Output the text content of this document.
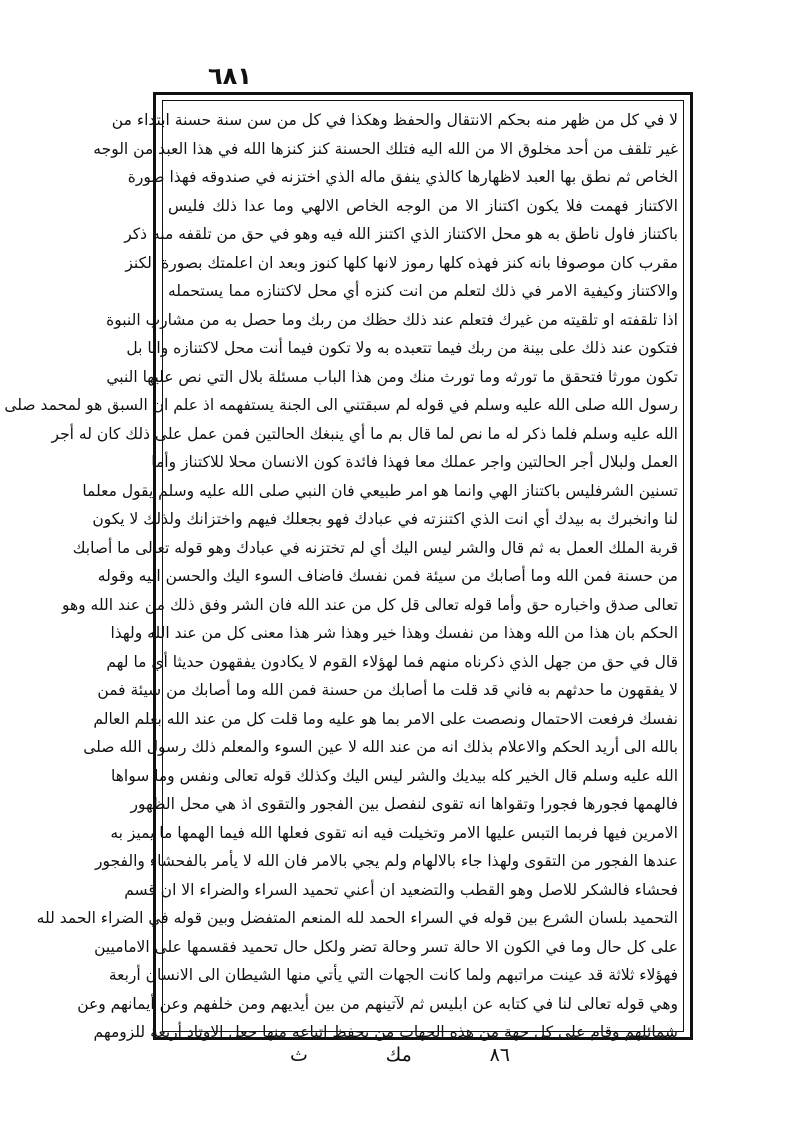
٦٨١
لا في كل من ظهر منه بحكم الانتقال والحفظ وهكذا في كل من سن سنة حسنة ابتداء من
غير تلقف من أحد مخلوق الا من الله اليه فتلك الحسنة كنز كنزها الله في هذا العبد من الوجه
الخاص ثم نطق بها العبد لاظهارها كالذي ينفق ماله الذي اختزنه في صندوقه فهذا صورة
الاكتناز فهمت فلا يكون اكتناز الا من الوجه الخاص الالهي وما عدا ذلك فليس
باكتناز فاول ناطق به هو محل الاكتناز الذي اكتنز الله فيه وهو في حق من تلقفه منه ذكر
مقرب كان موصوفا بانه كنز فهذه كلها رموز لانها كلها كنوز وبعد ان اعلمتك بصورة الكنز
والاكتناز وكيفية الامر في ذلك لتعلم من انت كنزه أي محل لاكتنازه مما يستحمله
اذا تلقفته او تلقيته من غيرك فتعلم عند ذلك حظك من ربك وما حصل به من مشارب النبوة
فتكون عند ذلك على بينة من ربك فيما تتعبده به ولا تكون فيما أنت محل لاكتنازه وانا بل
تكون مورثا فتحقق ما تورثه وما تورث منك ومن هذا الباب مسئلة بلال التي نص عليها النبي
رسول الله صلى الله عليه وسلم في قوله لم سبقتني الى الجنة يستفهمه اذ علم ان السبق هو لمحمد صلى
الله عليه وسلم فلما ذكر له ما نص لما قال بم ما أي ينبغك الحالتين فمن عمل على ذلك كان له أجر
العمل ولبلال أجر الحالتين واجر عملك معا فهذا فائدة كون الانسان محلا للاكتناز وأما
تسنين الشرفليس باكتناز الهي وانما هو امر طبيعي فان النبي صلى الله عليه وسلم يقول معلما
لنا وانخبرك به بيدك أي انت الذي اكتنزته في عبادك فهو بجعلك فيهم واختزانك ولذلك لا يكون
قربة الملك العمل به ثم قال والشر ليس اليك أي لم تختزنه في عبادك وهو قوله تعالى ما أصابك
من حسنة فمن الله وما أصابك من سيئة فمن نفسك فاضاف السوء اليك والحسن اليه وقوله
تعالى صدق واخباره حق وأما قوله تعالى قل كل من عند الله فان الشر وفق ذلك من عند الله وهو
الحكم بان هذا من الله وهذا من نفسك وهذا خير وهذا شر هذا معنى كل من عند الله ولهذا
قال في حق من جهل الذي ذكرناه منهم فما لهؤلاء القوم لا يكادون يفقهون حديثا أي ما لهم
لا يفقهون ما حدثهم به فاني قد قلت ما أصابك من حسنة فمن الله وما أصابك من سيئة فمن
نفسك فرفعت الاحتمال ونصصت على الامر بما هو عليه وما قلت كل من عند الله بعلم العالم
بالله الى أريد الحكم والاعلام بذلك انه من عند الله لا عين السوء والمعلم ذلك رسول الله صلى
الله عليه وسلم قال الخير كله بيديك والشر ليس اليك وكذلك قوله تعالى ونفس وما سواها
فالهمها فجورها فجورا وتقواها انه تقوى لنفصل بين الفجور والتقوى اذ هي محل الظهور
الامرين فيها فربما التبس عليها الامر وتخيلت فيه انه تقوى فعلها الله فيما الهمها ما يميز به
عندها الفجور من التقوى ولهذا جاء بالالهام ولم يجي بالامر فان الله لا يأمر بالفحشاء والفجور
فحشاء فالشكر للاصل وهو القطب والتضعيد ان أعني تحميد السراء والضراء الا ان قسم
التحميد بلسان الشرع بين قوله في السراء الحمد لله المنعم المتفضل وبين قوله في الضراء الحمد لله
على كل حال وما في الكون الا حالة تسر وحالة تضر ولكل حال تحميد فقسمها على الاماميين
فهؤلاء ثلاثة قد عينت مراتبهم ولما كانت الجهات التي يأتي منها الشيطان الى الانسان أربعة
وهي قوله تعالى لنا في كتابه عن ابليس ثم لآتينهم من بين أيديهم ومن خلفهم وعن أيمانهم وعن
شمائلهم وقام على كل جهة من هذه الجهات من يحفظ اتباعه منها جعل الاوتاد أربعة للزومهم
٨٦
مك
ث
